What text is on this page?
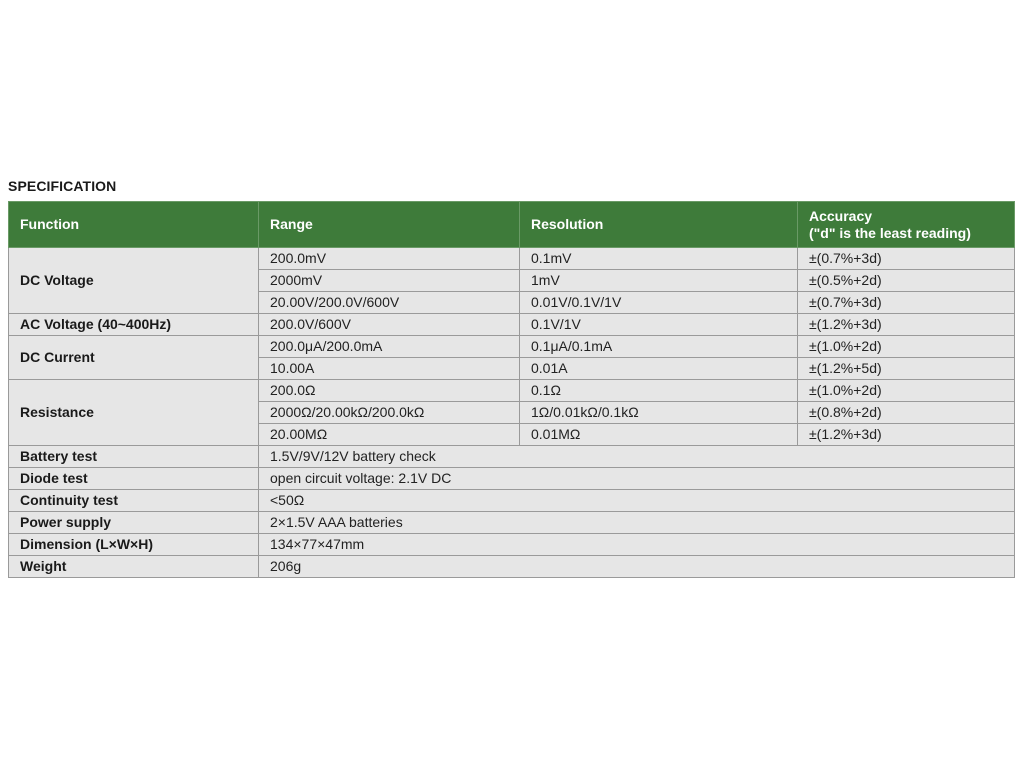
SPECIFICATION
Function	Range	Resolution	Accuracy
("d" is the least reading)

DC Voltage	200.0mV	0.1mV	±(0.7%+3d)
	2000mV	1mV	±(0.5%+2d)
	20.00V/200.0V/600V	0.01V/0.1V/1V	±(0.7%+3d)
AC Voltage (40~400Hz)	200.0V/600V	0.1V/1V	±(1.2%+3d)
DC Current	200.0μA/200.0mA	0.1μA/0.1mA	±(1.0%+2d)
	10.00A	0.01A	±(1.2%+5d)
Resistance	200.0Ω	0.1Ω	±(1.0%+2d)
	2000Ω/20.00kΩ/200.0kΩ	1Ω/0.01kΩ/0.1kΩ	±(0.8%+2d)
	20.00MΩ	0.01MΩ	±(1.2%+3d)
Battery test	1.5V/9V/12V battery check		
Diode test	open circuit voltage: 2.1V DC		
Continuity test	<50Ω		
Power supply	2×1.5V AAA batteries		
Dimension (L×W×H)	134×77×47mm		
Weight	206g		
